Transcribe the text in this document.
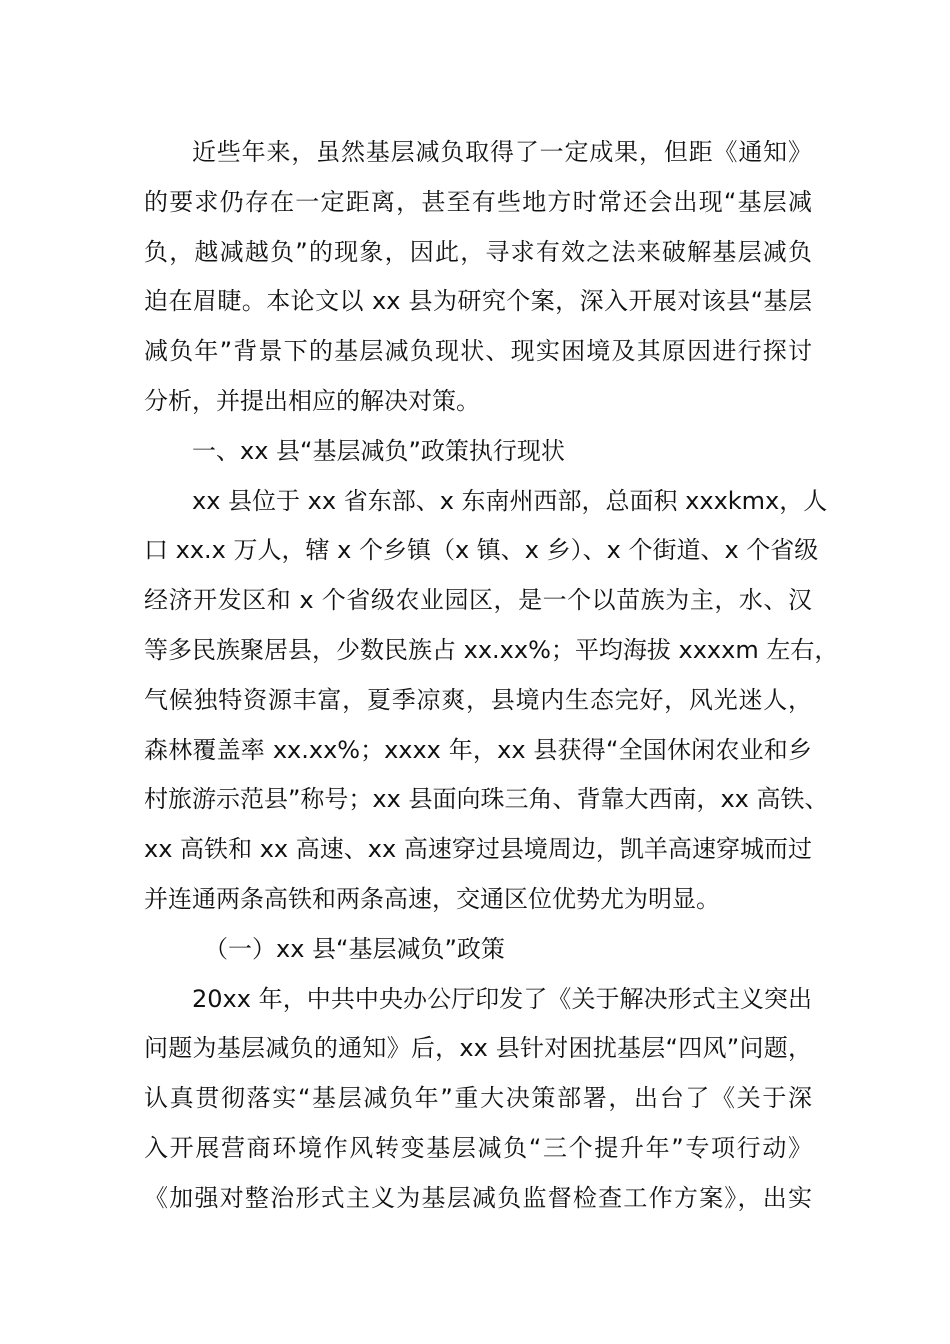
近些年来，虽然基层减负取得了一定成果，但距《通知》
的要求仍存在一定距离，甚至有些地方时常还会出现“基层减
负，越减越负”的现象，因此，寻求有效之法来破解基层减负
迫在眉睫。本论文以 xx 县为研究个案，深入开展对该县“基层
减负年”背景下的基层减负现状、现实困境及其原因进行探讨
分析，并提出相应的解决对策。
一、xx 县“基层减负”政策执行现状
xx 县位于 xx 省东部、x 东南州西部，总面积 xxxkmx，人
口 xx.x 万人，辖 x 个乡镇（x 镇、x 乡）、x 个街道、x 个省级
经济开发区和 x 个省级农业园区，是一个以苗族为主，水、汉
等多民族聚居县，少数民族占 xx.xx%；平均海拔 xxxxm 左右，
气候独特资源丰富，夏季凉爽，县境内生态完好，风光迷人，
森林覆盖率 xx.xx%；xxxx 年，xx 县获得“全国休闲农业和乡
村旅游示范县”称号；xx 县面向珠三角、背靠大西南，xx 高铁、
xx 高铁和 xx 高速、xx 高速穿过县境周边，凯羊高速穿城而过
并连通两条高铁和两条高速，交通区位优势尤为明显。
（一）xx 县“基层减负”政策
20xx 年，中共中央办公厅印发了《关于解决形式主义突出
问题为基层减负的通知》后，xx 县针对困扰基层“四风”问题，
认真贯彻落实“基层减负年”重大决策部署，出台了《关于深
入开展营商环境作风转变基层减负“三个提升年”专项行动》
《加强对整治形式主义为基层减负监督检查工作方案》，出实
